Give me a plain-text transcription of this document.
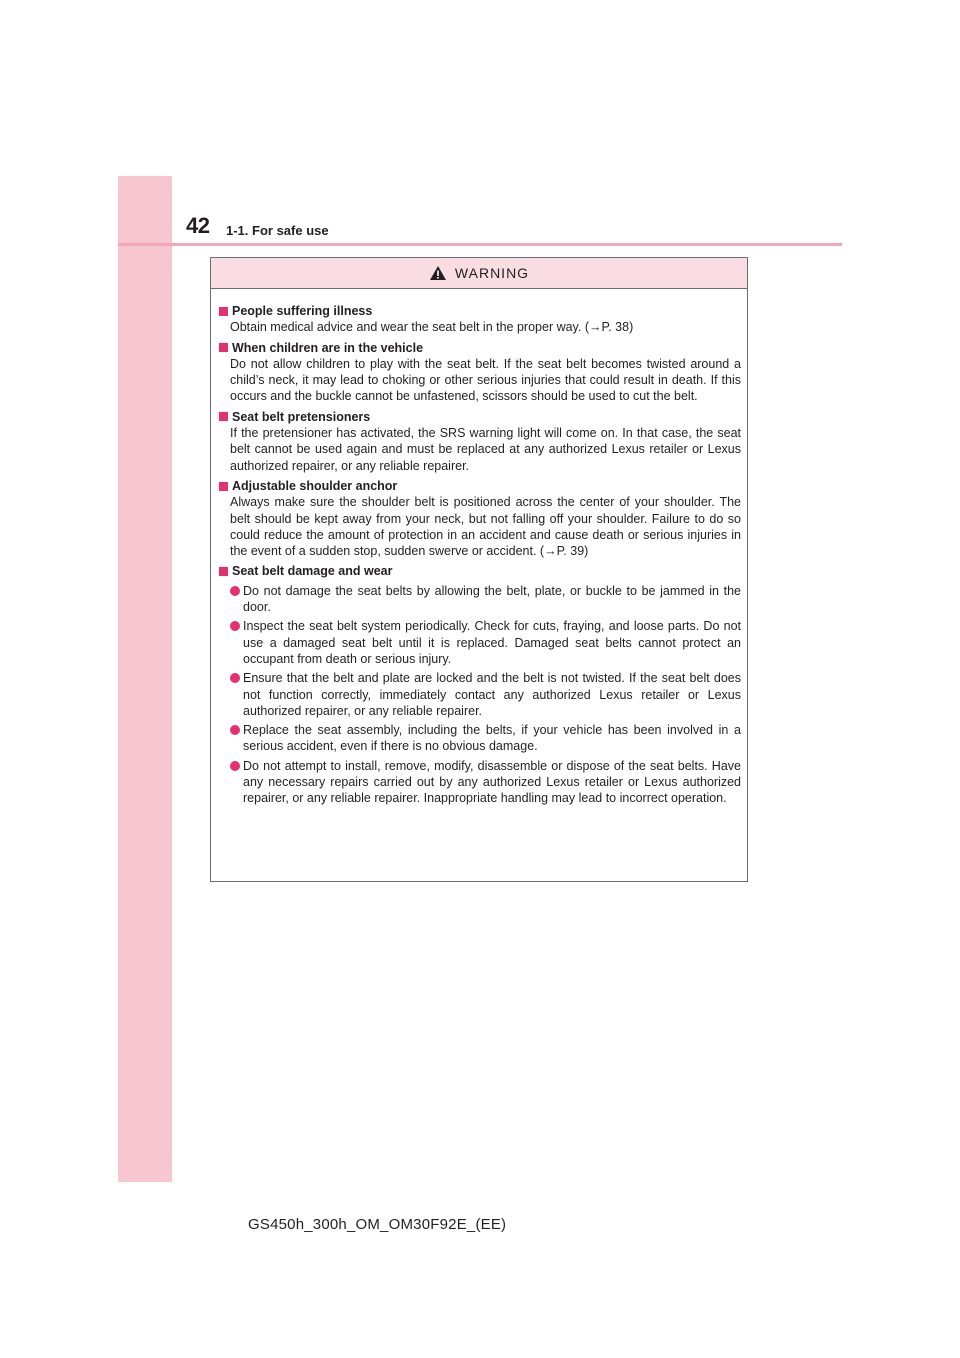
42 1-1. For safe use
WARNING
People suffering illness
Obtain medical advice and wear the seat belt in the proper way. (→P. 38)
When children are in the vehicle
Do not allow children to play with the seat belt. If the seat belt becomes twisted around a child’s neck, it may lead to choking or other serious injuries that could result in death. If this occurs and the buckle cannot be unfastened, scissors should be used to cut the belt.
Seat belt pretensioners
If the pretensioner has activated, the SRS warning light will come on. In that case, the seat belt cannot be used again and must be replaced at any authorized Lexus retailer or Lexus authorized repairer, or any reliable repairer.
Adjustable shoulder anchor
Always make sure the shoulder belt is positioned across the center of your shoulder. The belt should be kept away from your neck, but not falling off your shoulder. Failure to do so could reduce the amount of protection in an accident and cause death or serious injuries in the event of a sudden stop, sudden swerve or accident. (→P. 39)
Seat belt damage and wear
Do not damage the seat belts by allowing the belt, plate, or buckle to be jammed in the door.
Inspect the seat belt system periodically. Check for cuts, fraying, and loose parts. Do not use a damaged seat belt until it is replaced. Damaged seat belts cannot protect an occupant from death or serious injury.
Ensure that the belt and plate are locked and the belt is not twisted. If the seat belt does not function correctly, immediately contact any authorized Lexus retailer or Lexus authorized repairer, or any reliable repairer.
Replace the seat assembly, including the belts, if your vehicle has been involved in a serious accident, even if there is no obvious damage.
Do not attempt to install, remove, modify, disassemble or dispose of the seat belts. Have any necessary repairs carried out by any authorized Lexus retailer or Lexus authorized repairer, or any reliable repairer. Inappropriate handling may lead to incorrect operation.
GS450h_300h_OM_OM30F92E_(EE)
